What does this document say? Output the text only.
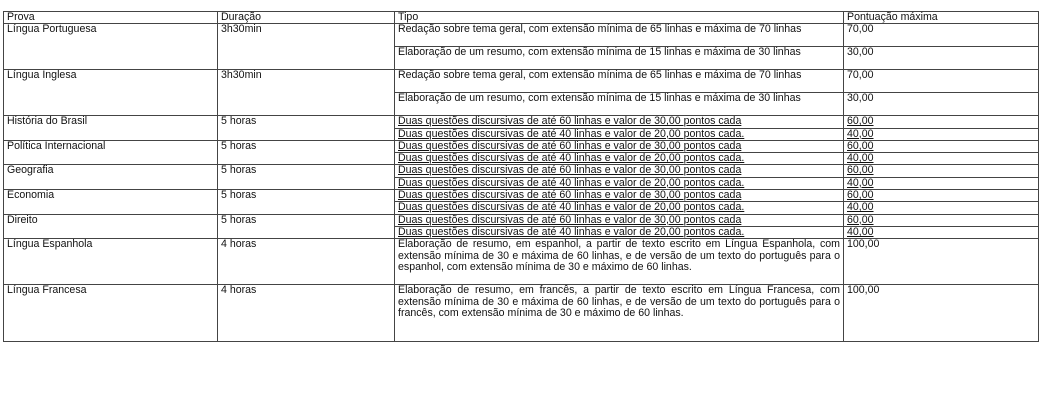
Prova	Duração	Tipo	Pontuação máxima
Língua Portuguesa	3h30min	Redação sobre tema geral, com extensão mínima de 65 linhas e máxima de 70 linhas	70,00
		Elaboração de um resumo, com extensão mínima de 15 linhas e máxima de 30 linhas	30,00
Língua Inglesa	3h30min	Redação sobre tema geral, com extensão mínima de 65 linhas e máxima de 70 linhas	70,00
		Elaboração de um resumo, com extensão mínima de 15 linhas e máxima de 30 linhas	30,00
História do Brasil	5 horas	Duas questões discursivas de até 60 linhas e valor de 30,00 pontos cada	60,00
		Duas questões discursivas de até 40 linhas e valor de 20,00 pontos cada.	40,00
Política Internacional	5 horas	Duas questões discursivas de até 60 linhas e valor de 30,00 pontos cada	60,00
		Duas questões discursivas de até 40 linhas e valor de 20,00 pontos cada.	40,00
Geografia	5 horas	Duas questões discursivas de até 60 linhas e valor de 30,00 pontos cada	60,00
		Duas questões discursivas de até 40 linhas e valor de 20,00 pontos cada.	40,00
Economia	5 horas	Duas questões discursivas de até 60 linhas e valor de 30,00 pontos cada	60,00
		Duas questões discursivas de até 40 linhas e valor de 20,00 pontos cada.	40,00
Direito	5 horas	Duas questões discursivas de até 60 linhas e valor de 30,00 pontos cada	60,00
		Duas questões discursivas de até 40 linhas e valor de 20,00 pontos cada.	40,00
Língua Espanhola	4 horas	Elaboração de resumo, em espanhol, a partir de texto escrito em Língua Espanhola, com extensão mínima de 30 e máxima de 60 linhas, e de versão de um texto do português para o espanhol, com extensão mínima de 30 e máximo de 60 linhas.	100,00
Língua Francesa	4 horas	Elaboração de resumo, em francês, a partir de texto escrito em Língua Francesa, com extensão mínima de 30 e máxima de 60 linhas, e de versão de um texto do português para o francês, com extensão mínima de 30 e máximo de 60 linhas.	100,00
